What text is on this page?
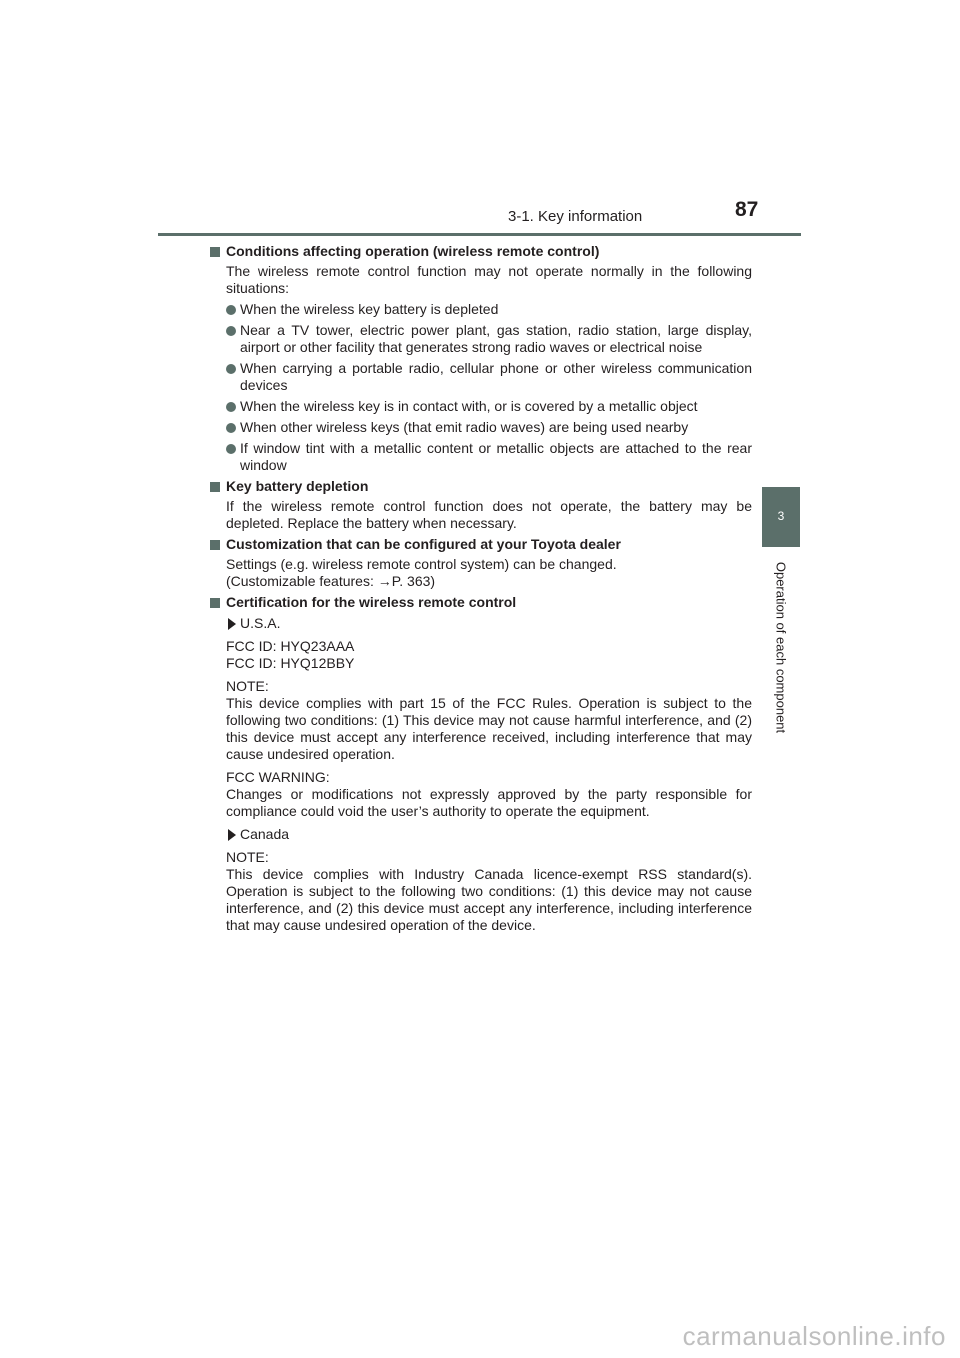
3-1. Key information	87
3
Operation of each component
Conditions affecting operation (wireless remote control)
The wireless remote control function may not operate normally in the following situations:
When the wireless key battery is depleted
Near a TV tower, electric power plant, gas station, radio station, large display, airport or other facility that generates strong radio waves or electrical noise
When carrying a portable radio, cellular phone or other wireless communication devices
When the wireless key is in contact with, or is covered by a metallic object
When other wireless keys (that emit radio waves) are being used nearby
If window tint with a metallic content or metallic objects are attached to the rear window
Key battery depletion
If the wireless remote control function does not operate, the battery may be depleted. Replace the battery when necessary.
Customization that can be configured at your Toyota dealer
Settings (e.g. wireless remote control system) can be changed.
(Customizable features: →P. 363)
Certification for the wireless remote control
U.S.A.
FCC ID: HYQ23AAA
FCC ID: HYQ12BBY
NOTE:
This device complies with part 15 of the FCC Rules. Operation is subject to the following two conditions: (1) This device may not cause harmful interference, and (2) this device must accept any interference received, including interference that may cause undesired operation.
FCC WARNING:
Changes or modifications not expressly approved by the party responsible for compliance could void the user’s authority to operate the equipment.
Canada
NOTE:
This device complies with Industry Canada licence-exempt RSS standard(s). Operation is subject to the following two conditions: (1) this device may not cause interference, and (2) this device must accept any interference, including interference that may cause undesired operation of the device.
carmanualsonline.info
